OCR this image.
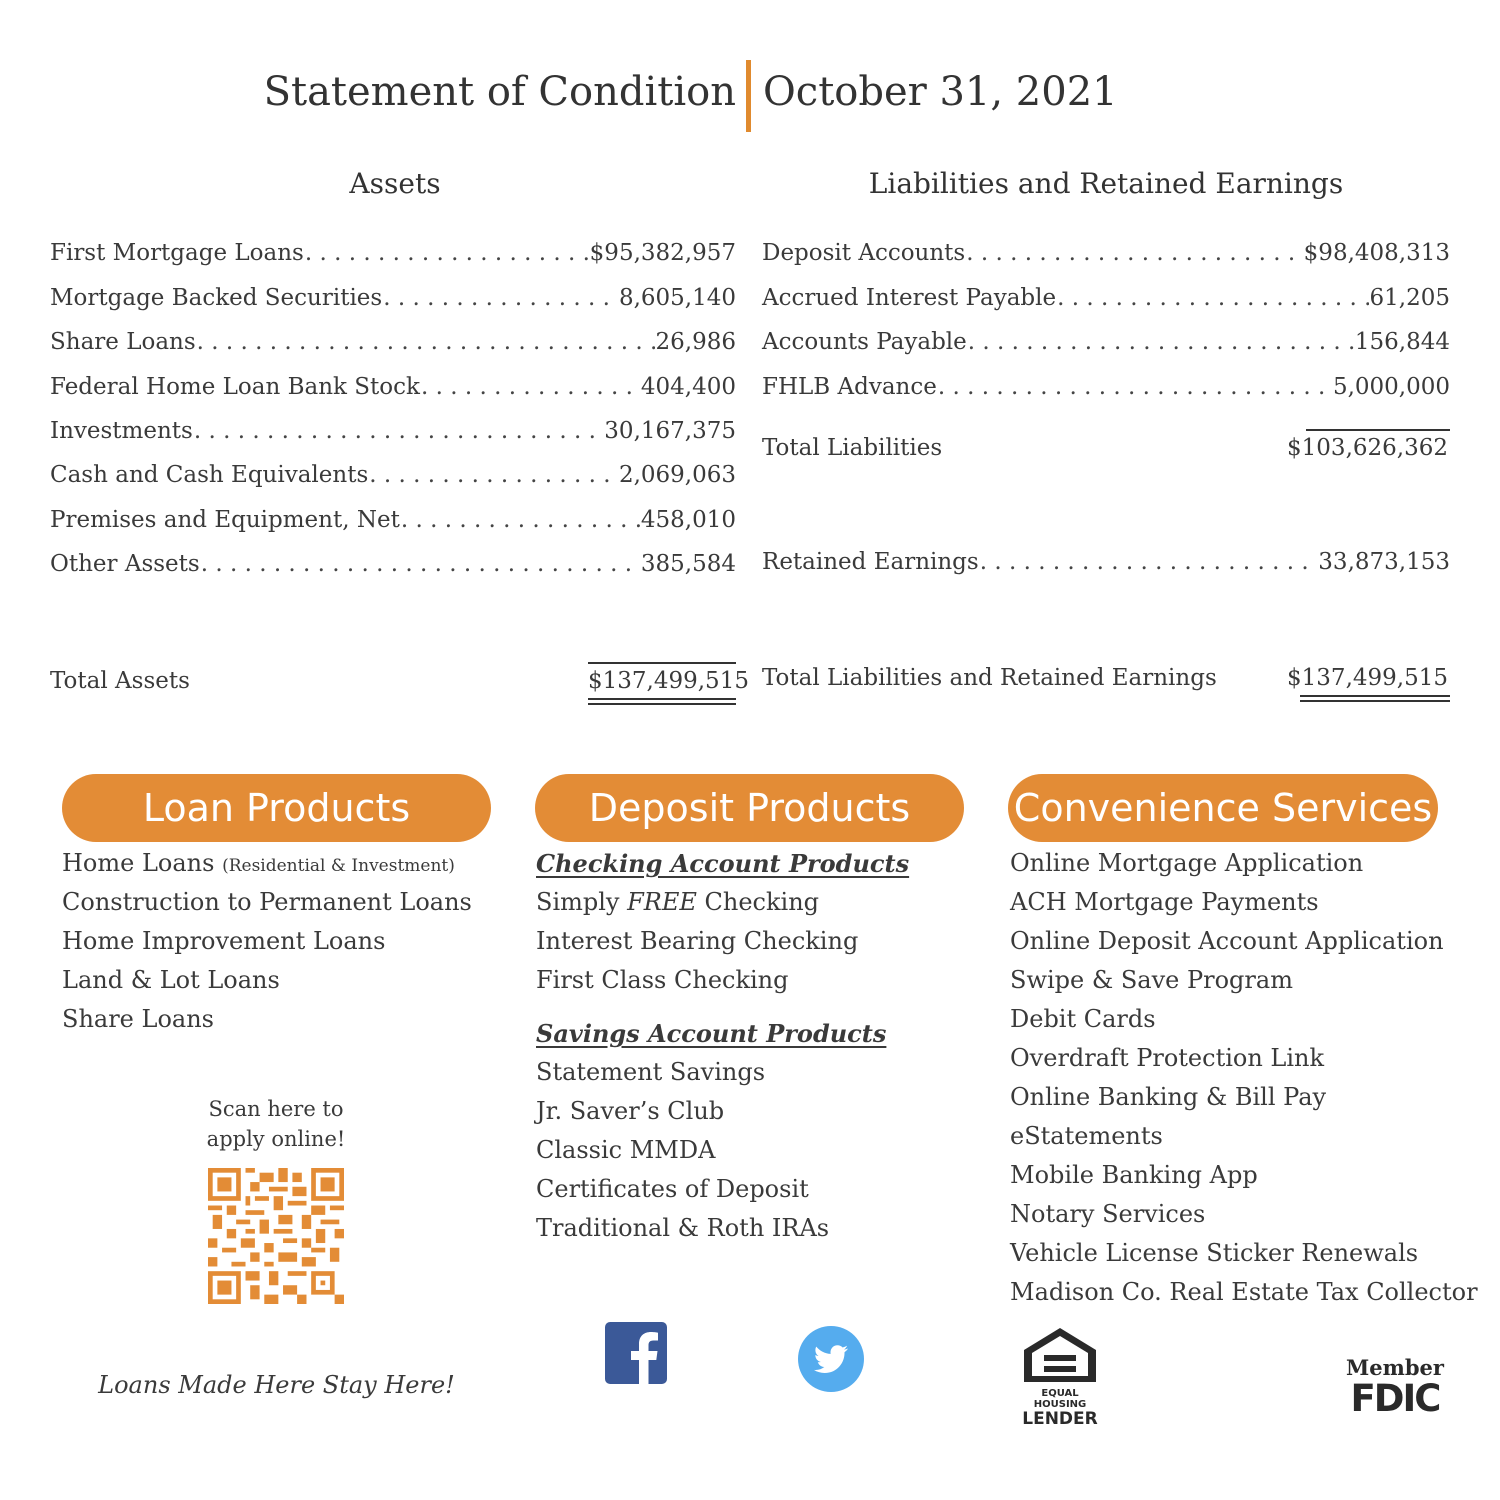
Statement of Condition October 31, 2021
Assets	Liabilities and Retained Earnings
First Mortgage Loans . . .	$95,382,957
Mortgage Backed Securities . . .	8,605,140
Share Loans . . .	26,986
Federal Home Loan Bank Stock . . .	404,400
Investments . . .	30,167,375
Cash and Cash Equivalents . . .	2,069,063
Premises and Equipment, Net . . .	458,010
Other Assets . . .	385,584
Total Assets	$137,499,515
Deposit Accounts . . .	$98,408,313
Accrued Interest Payable . . .	61,205
Accounts Payable . . .	156,844
FHLB Advance . . .	5,000,000
Total Liabilities	$103,626,362
Retained Earnings . . .	33,873,153
Total Liabilities and Retained Earnings	$137,499,515
Loan Products	Deposit Products	Convenience Services
Home Loans (Residential & Investment)
Construction to Permanent Loans
Home Improvement Loans
Land & Lot Loans
Share Loans
Scan here to
apply online!
Loans Made Here Stay Here!
Checking Account Products
Simply FREE Checking
Interest Bearing Checking
First Class Checking
Savings Account Products
Statement Savings
Jr. Saver’s Club
Classic MMDA
Certificates of Deposit
Traditional & Roth IRAs
Online Mortgage Application
ACH Mortgage Payments
Online Deposit Account Application
Swipe & Save Program
Debit Cards
Overdraft Protection Link
Online Banking & Bill Pay
eStatements
Mobile Banking App
Notary Services
Vehicle License Sticker Renewals
Madison Co. Real Estate Tax Collector
EQUAL HOUSING
LENDER
Member
FDIC
